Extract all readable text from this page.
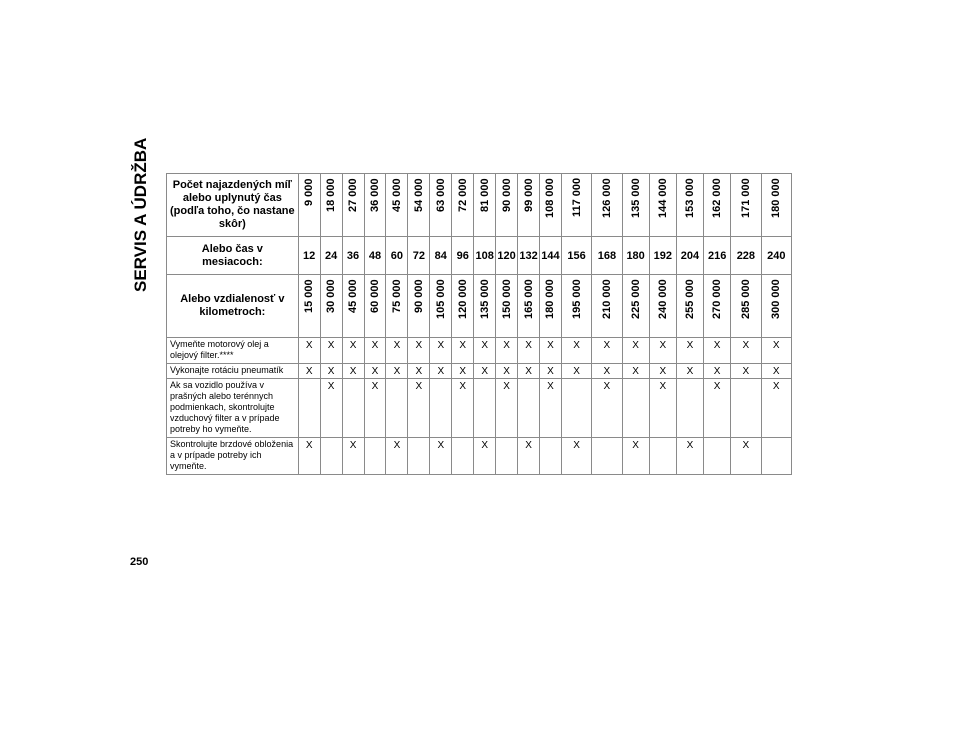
SERVIS A ÚDRŽBA Počet najazdených míľ alebo uplynutý čas (podľa toho, čo nastane skôr)	9 000	18 000	27 000	36 000	45 000	54 000	63 000	72 000	81 000	90 000	99 000	108 000	117 000	126 000	135 000	144 000	153 000	162 000	171 000	180 000

Alebo čas v mesiacoch:	12	24	36	48	60	72	84	96	108	120	132	144	156	168	180	192	204	216	228	240
Alebo vzdialenosť v kilometroch:	15 000	30 000	45 000	60 000	75 000	90 000	105 000	120 000	135 000	150 000	165 000	180 000	195 000	210 000	225 000	240 000	255 000	270 000	285 000	300 000

Vymeňte motorový olej a olejový filter.****	X	X	X	X	X	X	X	X	X	X	X	X	X	X	X	X	X	X	X	X
Vykonajte rotáciu pneumatík	X	X	X	X	X	X	X	X	X	X	X	X	X	X	X	X	X	X	X	X
Ak sa vozidlo používa v prašných alebo terénnych podmienkach, skontrolujte vzduchový filter a v prípade potreby ho vymeňte.		X		X		X		X		X		X		X		X		X		X
Skontrolujte brzdové obloženia a v prípade potreby ich vymeňte.	X		X		X		X		X		X		X		X		X		X	
250
